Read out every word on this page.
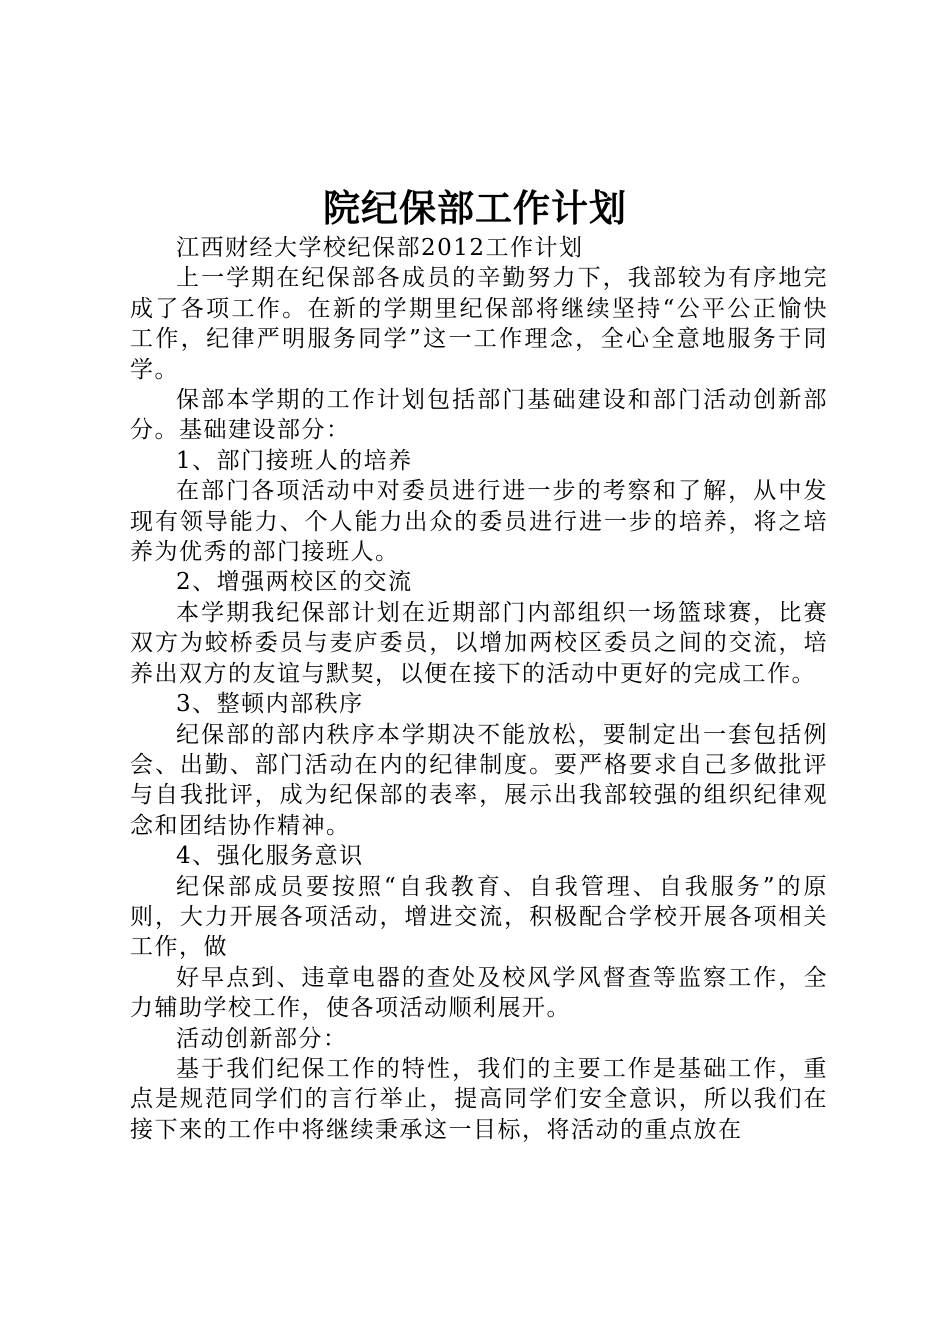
院纪保部工作计划

江西财经大学校纪保部2012工作计划

上一学期在纪保部各成员的辛勤努力下，我部较为有序地完成了各项工作。在新的学期里纪保部将继续坚持“公平公正愉快工作，纪律严明服务同学”这一工作理念，全心全意地服务于同学。

保部本学期的工作计划包括部门基础建设和部门活动创新部分。基础建设部分：

1、部门接班人的培养

在部门各项活动中对委员进行进一步的考察和了解，从中发现有领导能力、个人能力出众的委员进行进一步的培养，将之培养为优秀的部门接班人。

2、增强两校区的交流

本学期我纪保部计划在近期部门内部组织一场篮球赛，比赛双方为蛟桥委员与麦庐委员，以增加两校区委员之间的交流，培养出双方的友谊与默契，以便在接下的活动中更好的完成工作。

3、整顿内部秩序

纪保部的部内秩序本学期决不能放松，要制定出一套包括例会、出勤、部门活动在内的纪律制度。要严格要求自己多做批评与自我批评，成为纪保部的表率，展示出我部较强的组织纪律观念和团结协作精神。

4、强化服务意识

纪保部成员要按照“自我教育、自我管理、自我服务”的原则，大力开展各项活动，增进交流，积极配合学校开展各项相关工作，做

好早点到、违章电器的查处及校风学风督查等监察工作，全力辅助学校工作，使各项活动顺利展开。

活动创新部分：

基于我们纪保工作的特性，我们的主要工作是基础工作，重点是规范同学们的言行举止，提高同学们安全意识，所以我们在接下来的工作中将继续秉承这一目标，将活动的重点放在
